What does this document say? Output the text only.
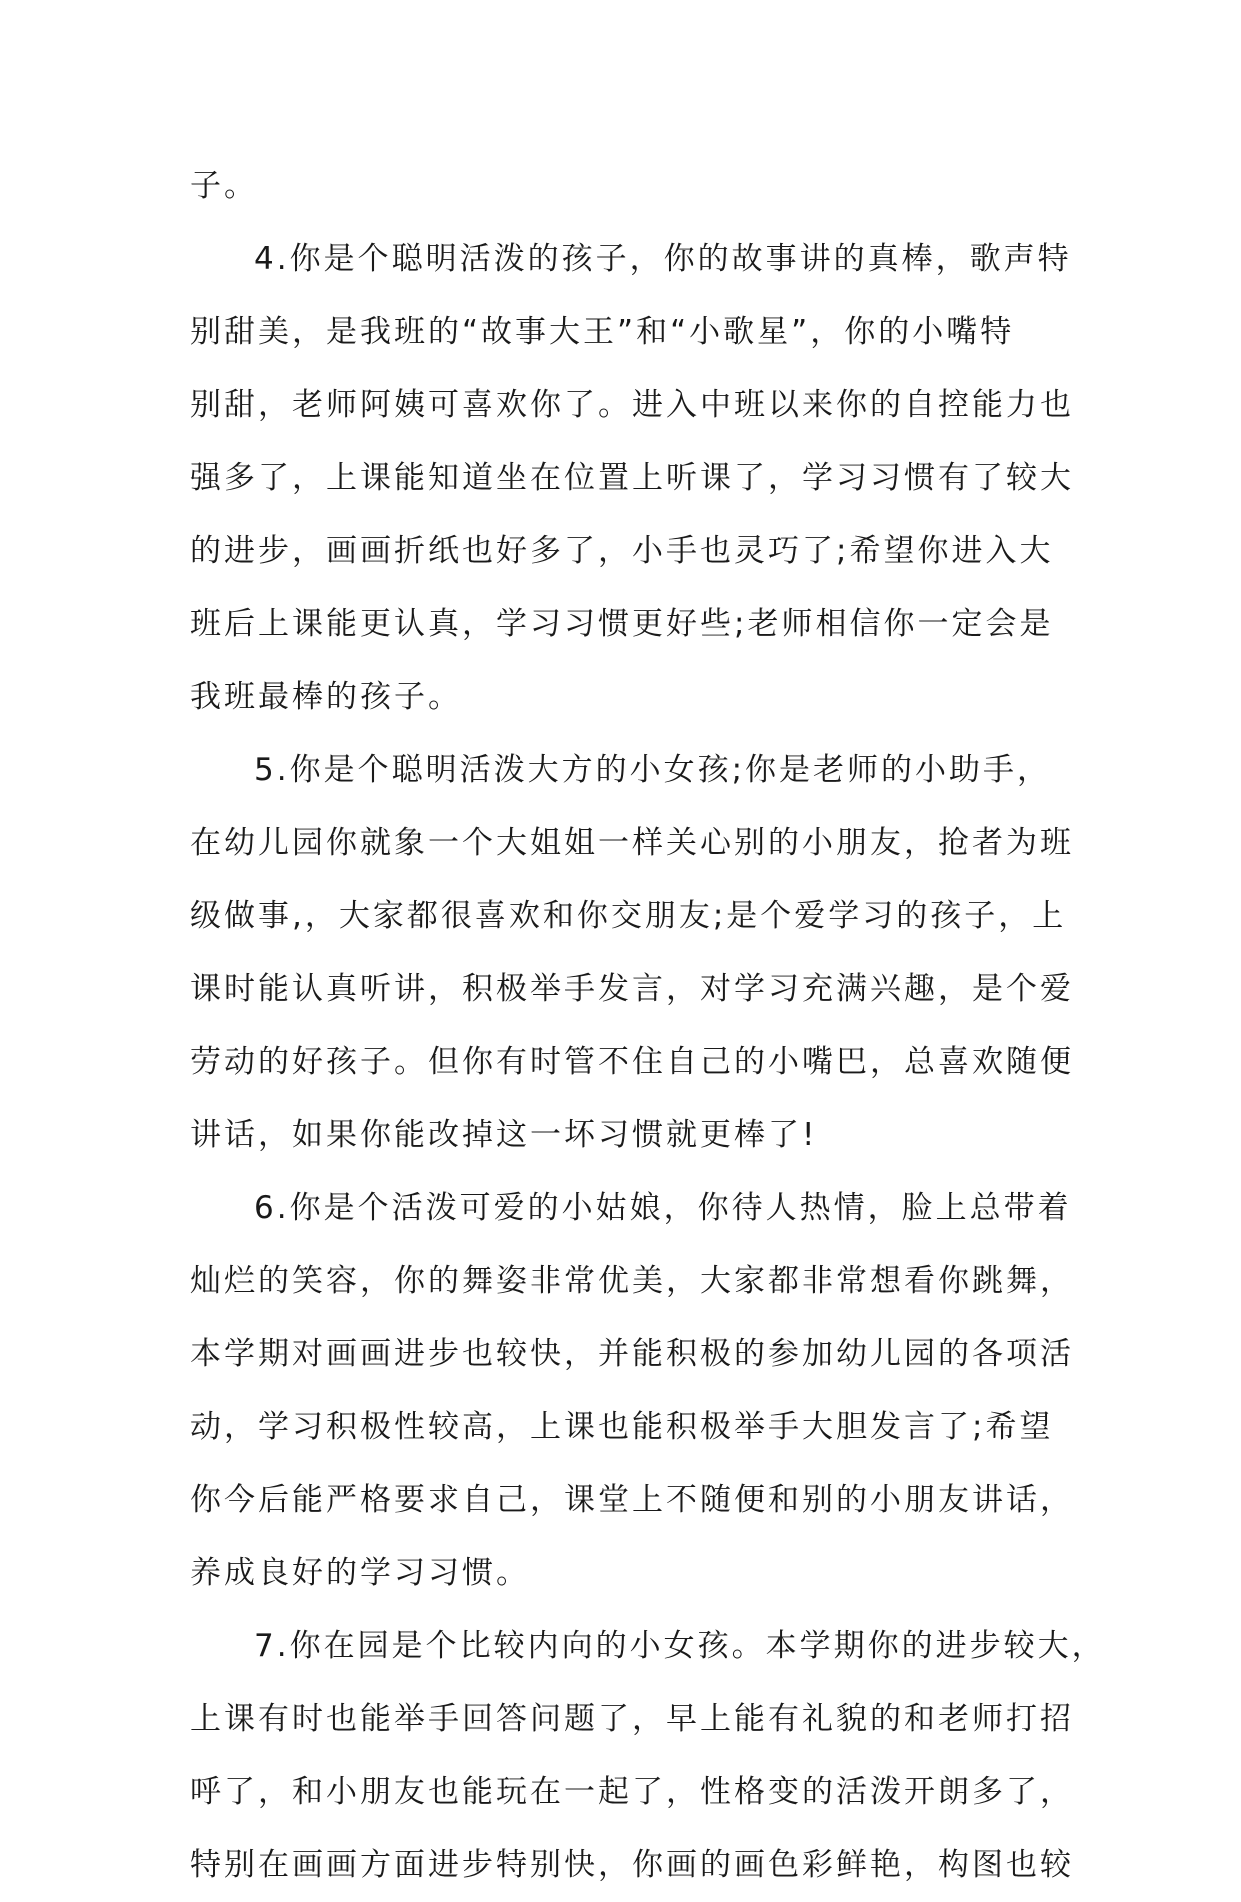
子。
4.你是个聪明活泼的孩子，你的故事讲的真棒，歌声特
别甜美，是我班的“故事大王”和“小歌星”，你的小嘴特
别甜，老师阿姨可喜欢你了。进入中班以来你的自控能力也
强多了，上课能知道坐在位置上听课了，学习习惯有了较大
的进步，画画折纸也好多了，小手也灵巧了;希望你进入大
班后上课能更认真，学习习惯更好些;老师相信你一定会是
我班最棒的孩子。
5.你是个聪明活泼大方的小女孩;你是老师的小助手，
在幼儿园你就象一个大姐姐一样关心别的小朋友，抢者为班
级做事,，大家都很喜欢和你交朋友;是个爱学习的孩子，上
课时能认真听讲，积极举手发言，对学习充满兴趣，是个爱
劳动的好孩子。但你有时管不住自己的小嘴巴，总喜欢随便
讲话，如果你能改掉这一坏习惯就更棒了!
6.你是个活泼可爱的小姑娘，你待人热情，脸上总带着
灿烂的笑容，你的舞姿非常优美，大家都非常想看你跳舞，
本学期对画画进步也较快，并能积极的参加幼儿园的各项活
动，学习积极性较高，上课也能积极举手大胆发言了;希望
你今后能严格要求自己，课堂上不随便和别的小朋友讲话，
养成良好的学习习惯。
7.你在园是个比较内向的小女孩。本学期你的进步较大，
上课有时也能举手回答问题了，早上能有礼貌的和老师打招
呼了，和小朋友也能玩在一起了，性格变的活泼开朗多了，
特别在画画方面进步特别快，你画的画色彩鲜艳，构图也较
